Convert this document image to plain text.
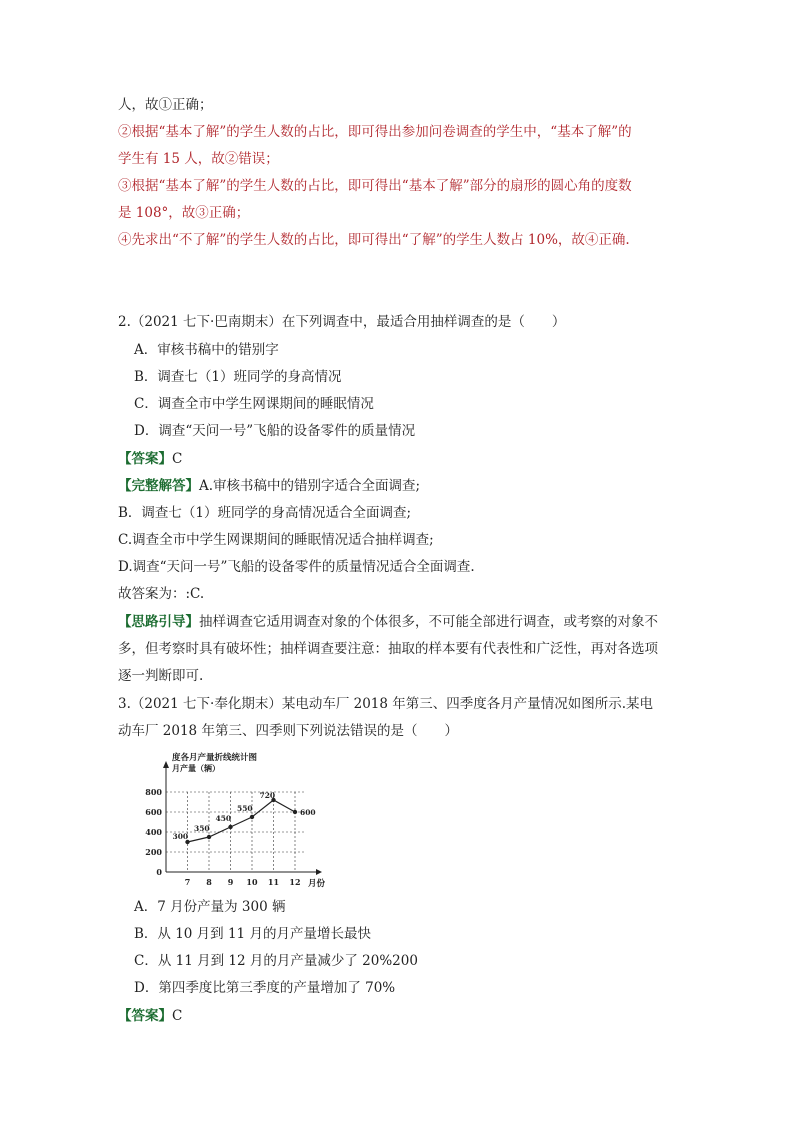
人，故①正确；
②根据“基本了解”的学生人数的占比，即可得出参加问卷调查的学生中，“基本了解”的
学生有 15 人，故②错误；
③根据“基本了解”的学生人数的占比，即可得出“基本了解”部分的扇形的圆心角的度数
是 108°，故③正确；
④先求出“不了解”的学生人数的占比，即可得出“了解”的学生人数占 10%，故④正确.
2.（2021 七下·巴南期末）在下列调查中，最适合用抽样调查的是（　　）
A．审核书稿中的错别字
B．调查七（1）班同学的身高情况
C．调查全市中学生网课期间的睡眠情况
D．调查“天问一号”飞船的设备零件的质量情况
【答案】C
【完整解答】A.审核书稿中的错别字适合全面调查;
B．调查七（1）班同学的身高情况适合全面调查;
C.调查全市中学生网课期间的睡眠情况适合抽样调查;
D.调查“天问一号”飞船的设备零件的质量情况适合全面调查.
故答案为：:C.
【思路引导】抽样调查它适用调查对象的个体很多，不可能全部进行调查，或考察的对象不
多，但考察时具有破坏性；抽样调查要注意：抽取的样本要有代表性和广泛性，再对各选项
逐一判断即可.
3.（2021 七下·奉化期末）某电动车厂 2018 年第三、四季度各月产量情况如图所示.某电
动车厂 2018 年第三、四季则下列说法错误的是（　　）
度各月产量折线统计图
月产量（辆）
0
200
400
600
800
7 8 9 10 11 12
300
350
450
550
720
600
月份
A．7 月份产量为 300 辆
B．从 10 月到 11 月的月产量增长最快
C．从 11 月到 12 月的月产量减少了 20%200
D．第四季度比第三季度的产量增加了 70%
【答案】C
